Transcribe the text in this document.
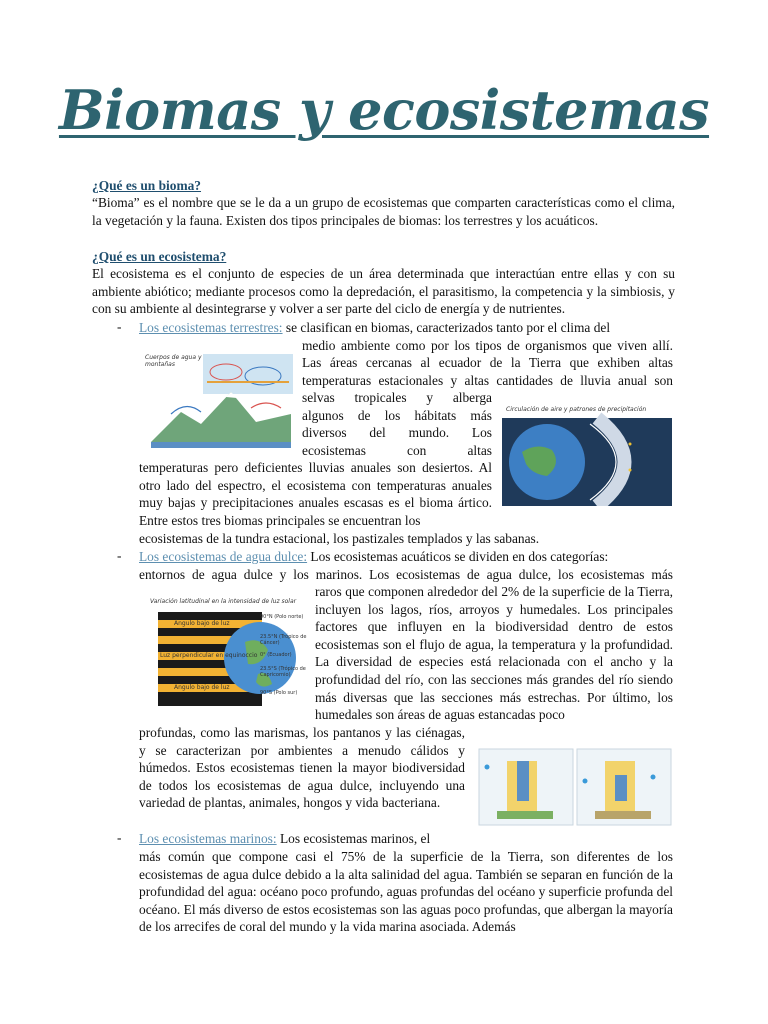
Biomas y ecosistemas
¿Qué es un bioma?

“Bioma” es el nombre que se le da a un grupo de ecosistemas que comparten características como el clima, la vegetación y la fauna. Existen dos tipos principales de biomas: los terrestres y los acuáticos.

¿Qué es un ecosistema?

El ecosistema es el conjunto de especies de un área determinada que interactúan entre ellas y con su ambiente abiótico; mediante procesos como la depredación, el parasitismo, la competencia y la simbiosis, y con su ambiente al desintegrarse y volver a ser parte del ciclo de energía y de nutrientes.

- Los ecosistemas terrestres: se clasifican en biomas, caracterizados tanto por el clima del
medio ambiente como por los tipos de organismos que viven allí.
Las áreas cercanas al ecuador de la Tierra que exhiben altas
temperaturas estacionales y altas cantidades de lluvia anual son
selvas tropicales y alberga
algunos de los hábitats más
diversos del mundo. Los
ecosistemas con altas

temperaturas pero deficientes lluvias anuales son desiertos. Al otro lado del espectro, el ecosistema con temperaturas anuales muy bajas y precipitaciones anuales escasas es el bioma ártico. Entre estos tres biomas principales se encuentran los

ecosistemas de la tundra estacional, los pastizales templados y las sabanas.
Cuerpos de agua y montañas
Circulación de aire y patrones de precipitación
- Los ecosistemas de agua dulce: Los ecosistemas acuáticos se dividen en dos categorías:
entornos de agua dulce y los marinos. Los ecosistemas de agua dulce, los ecosistemas más

raros que componen alrededor del 2% de la superficie de la Tierra, incluyen los lagos, ríos, arroyos y humedales. Los principales factores que influyen en la biodiversidad dentro de estos ecosistemas son el flujo de agua, la temperatura y la profundidad. La diversidad de especies está relacionada con el ancho y la profundidad del río, con las secciones más grandes del río siendo más diversas que las secciones más estrechas. Por último, los humedales son áreas de aguas estancadas poco

profundas, como las marismas, los pantanos y las ciénagas, y se caracterizan por ambientes a menudo cálidos y húmedos. Estos ecosistemas tienen la mayor biodiversidad de todos los ecosistemas de agua dulce, incluyendo una variedad de plantas, animales, hongos y vida bacteriana.

Variación latitudinal en la intensidad de luz solar
Atmósfera
Ángulo bajo de luz
Luz perpendicular en equinoccio
Ángulo bajo de luz
90°N (Polo norte)
23.5°N (Trópico de Cáncer)
0° (Ecuador)
23.5°S (Trópico de Capricornio)
90°S (Polo sur)
- Los ecosistemas marinos: Los ecosistemas marinos, el

más común que compone casi el 75% de la superficie de la Tierra, son diferentes de los ecosistemas de agua dulce debido a la alta salinidad del agua. También se separan en función de la profundidad del agua: océano poco profundo, aguas profundas del océano y superficie profunda del océano. El más diverso de estos ecosistemas son las aguas poco profundas, que albergan la mayoría de los arrecifes de coral del mundo y la vida marina asociada. Además
